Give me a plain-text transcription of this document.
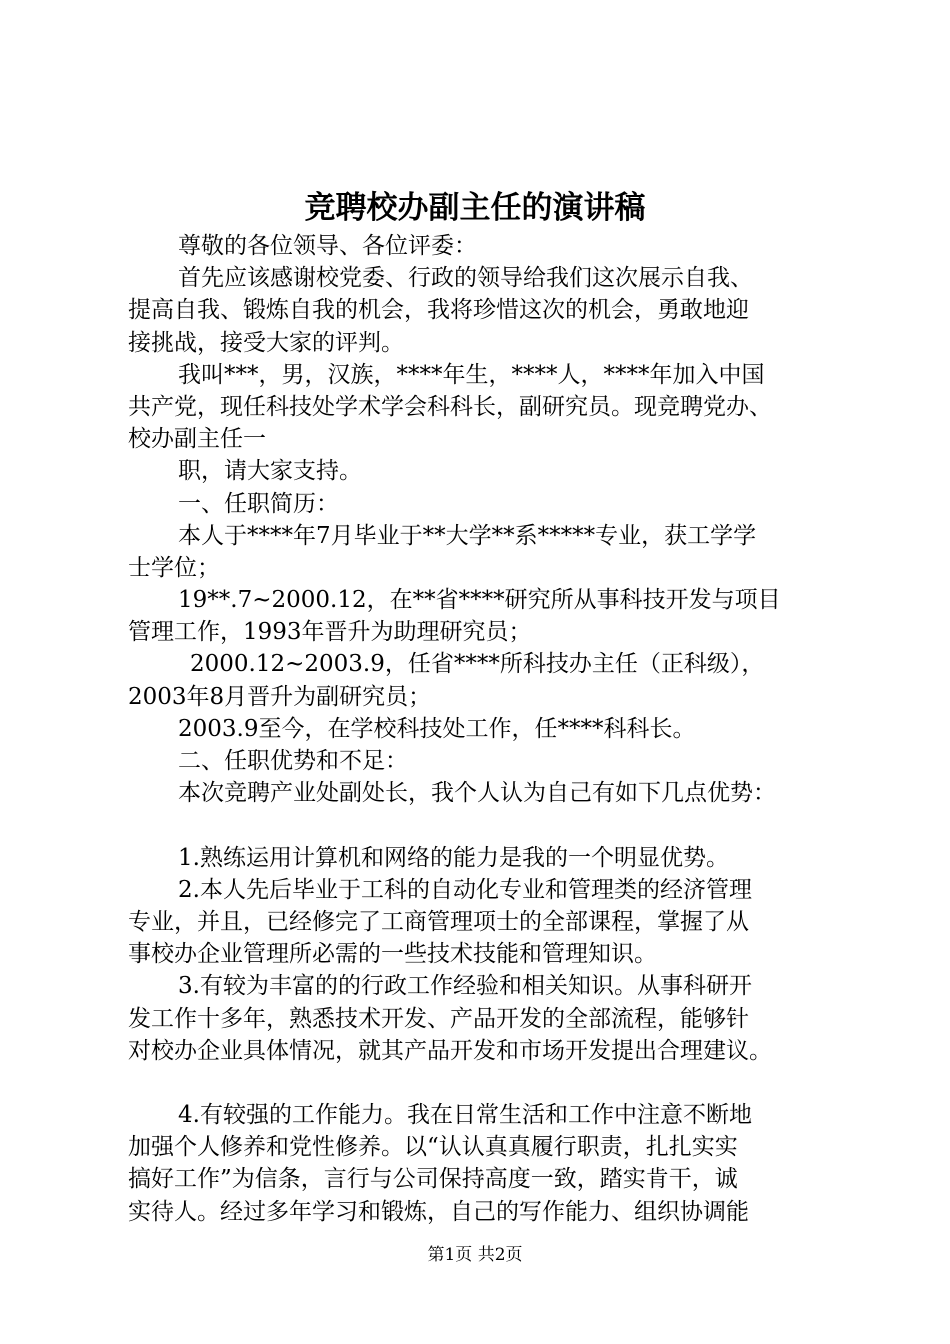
竞聘校办副主任的演讲稿
尊敬的各位领导、各位评委：
首先应该感谢校党委、行政的领导给我们这次展示自我、
提高自我、锻炼自我的机会，我将珍惜这次的机会，勇敢地迎
接挑战，接受大家的评判。
我叫***，男，汉族，****年生，****人，****年加入中国
共产党，现任科技处学术学会科科长，副研究员。现竞聘党办、
校办副主任一
职，请大家支持。
一、任职简历：
本人于****年7月毕业于**大学**系*****专业，获工学学
士学位；
19**.7~2000.12，在**省****研究所从事科技开发与项目
管理工作，1993年晋升为助理研究员；
2000.12~2003.9，任省****所科技办主任（正科级），
2003年8月晋升为副研究员；
2003.9至今，在学校科技处工作，任****科科长。
二、任职优势和不足：
本次竞聘产业处副处长，我个人认为自己有如下几点优势：
1.熟练运用计算机和网络的能力是我的一个明显优势。
2.本人先后毕业于工科的自动化专业和管理类的经济管理
专业，并且，已经修完了工商管理项士的全部课程，掌握了从
事校办企业管理所必需的一些技术技能和管理知识。
3.有较为丰富的的行政工作经验和相关知识。从事科研开
发工作十多年，熟悉技术开发、产品开发的全部流程，能够针
对校办企业具体情况，就其产品开发和市场开发提出合理建议。
4.有较强的工作能力。我在日常生活和工作中注意不断地
加强个人修养和党性修养。以“认认真真履行职责，扎扎实实
搞好工作”为信条，言行与公司保持高度一致，踏实肯干，诚
实待人。经过多年学习和锻炼，自己的写作能力、组织协调能
第1页 共2页
